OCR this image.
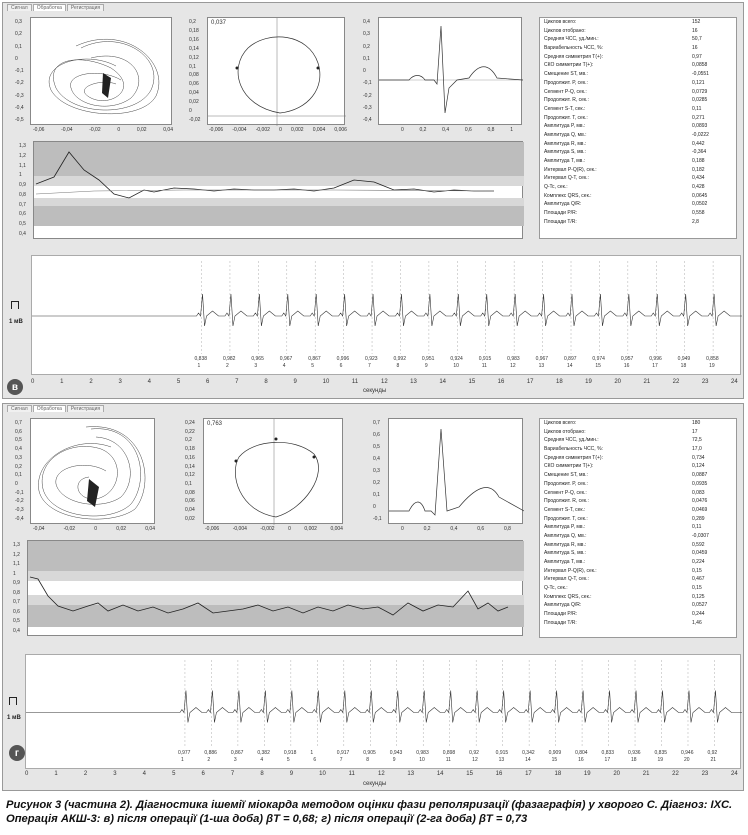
Сигнал	Обработка	Регистрация
-0,06	-0,04	-0,02	0	0,02	0,04
0,3
0,2
0,1
0
-0,1
-0,2
-0,3
-0,4
-0,5
0,037
-0,006 -0,004 -0,002 0 0,002 0,004 0,006
0,2
0,18
0,16
0,14
0,12
0,1
0,08
0,06
0,04
0,02
0
-0,02
0	0,2	0,4	0,6	0,8	1
0,4
0,3
0,2
0,1
0
-0,1
-0,2
-0,3
-0,4
1,3
1,2
1,1
1
0,9
0,8
0,7
0,6
0,5
0,4
Циклов всего:	152
Циклов отобрано:	16
Средняя ЧСС, уд./мин.:	50,7
Вариабельность ЧСС, %:	16
Средняя симметрия T(+):	0,97
СКО симметрии T(+):	0,0858
Смещение ST, мв.:	-0,0551
Продолжит. P, сек.:	0,121
Сегмент P-Q, сек.:	0,0729
Продолжит. R, сек.:	0,0285
Сегмент S-T, сек.:	0,11
Продолжит. T, сек.:	0,271
Амплитуда P, мв.:	0,0893
Амплитуда Q, мв.:	-0,0222
Амплитуда R, мв.:	0,442
Амплитуда S, мв.:	-0,364
Амплитуда T, мв.:	0,188
Интервал P-Q(R), сек.:	0,182
Интервал Q-T, сек.:	0,434
Q-Tc, сек.:	0,428
Комплекс QRS, сек.:	0,0645
Амплитуда Q/R:	0,0502
Площади P/R:	0,558
Площади T/R:	2,8
0,838
1
0,982
2
0,965
3
0,967
4
0,867
5
0,996
6
0,923
7
0,992
8
0,951
9
0,924
10
0,915
11
0,983
12
0,967
13
0,897
14
0,974
15
0,957
16
0,996
17
0,949
18
0,858
19
1 мВ
в	0	1	2	3	4	5	6	7	8	9	10	11	12	13	14	15	16	17	18	19	20	21	22	23	24
секунды
Сигнал	Обработка	Регистрация
-0,04	-0,02	0	0,02	0,04
0,7
0,6
0,5
0,4
0,3
0,2
0,1
0
-0,1
-0,2
-0,3
-0,4
0,763
-0,006	-0,004	-0,002	0	0,002	0,004
0,24
0,22
0,2
0,18
0,16
0,14
0,12
0,1
0,08
0,06
0,04
0,02
0	0,2	0,4	0,6	0,8
0,7
0,6
0,5
0,4
0,3
0,2
0,1
0
-0,1
1,3
1,2
1,1
1
0,9
0,8
0,7
0,6
0,5
0,4
Циклов всего:	180
Циклов отобрано:	17
Средняя ЧСС, уд./мин.:	72,5
Вариабельность ЧСС, %:	17,0
Средняя симметрия T(+):	0,734
СКО симметрии T(+):	0,124
Смещение ST, мв.:	0,0887
Продолжит. P, сек.:	0,0935
Сегмент P-Q, сек.:	0,083
Продолжит. R, сек.:	0,0476
Сегмент S-T, сек.:	0,0469
Продолжит. T, сек.:	0,289
Амплитуда P, мв.:	0,11
Амплитуда Q, мв.:	-0,0307
Амплитуда R, мв.:	0,592
Амплитуда S, мв.:	0,0459
Амплитуда T, мв.:	0,224
Интервал P-Q(R), сек.:	0,15
Интервал Q-T, сек.:	0,467
Q-Tc, сек.:	0,15
Комплекс QRS, сек.:	0,125
Амплитуда Q/R:	0,0527
Площади P/R:	0,244
Площади T/R:	1,46
0,977
1
0,886
2
0,867
3
0,382
4
0,918
5
1
6
0,917
7
0,905
8
0,943
9
0,983
10
0,898
11
0,92
12
0,915
13
0,342
14
0,909
15
0,804
16
0,833
17
0,936
18
0,835
19
0,946
20
0,92
21
1 мВ
г
0	1	2	3	4	5	6	7	8	9	10	11	12	13	14	15	16	17	18	19	20	21	22	23	24
секунды
Рисунок 3 (частина 2). Діагностика ішемії міокарда методом оцінки фази реполяризації (фазаграфія) у хворого С. Діагноз: ІХС. Операція АКШ-3: в) після операції (1-ша доба) βТ = 0,68; г) після операції (2-га доба) βТ = 0,73
